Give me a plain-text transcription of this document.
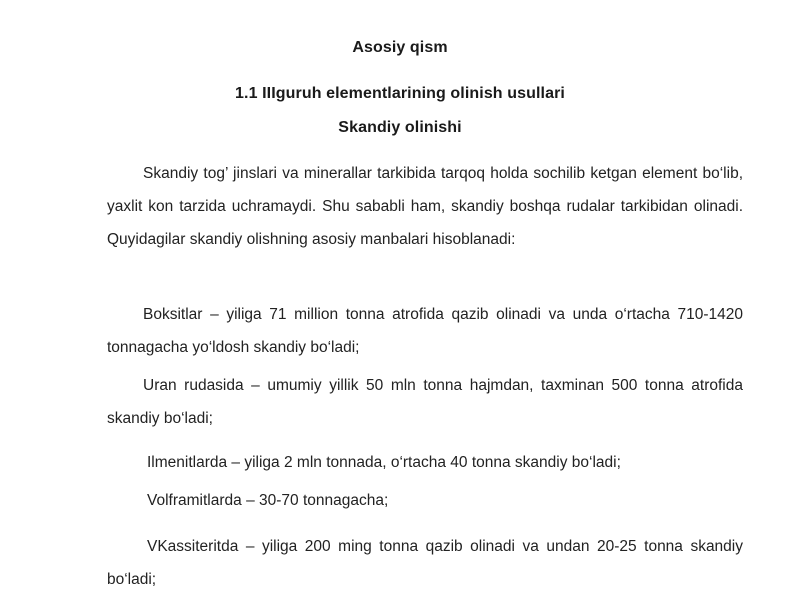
Asosiy qism
1.1 IIIguruh elementlarining olinish usullari
Skandiy olinishi

Skandiy tog’ jinslari va minerallar tarkibida tarqoq holda sochilib ketgan element bo‘lib, yaxlit kon tarzida uchramaydi. Shu sababli ham, skandiy boshqa rudalar tarkibidan olinadi. Quyidagilar skandiy olishning asosiy manbalari hisoblanadi:

Boksitlar – yiliga 71 million tonna atrofida qazib olinadi va unda o‘rtacha 710-1420 tonnagacha yo‘ldosh skandiy bo‘ladi;

Uran rudasida – umumiy yillik 50 mln tonna hajmdan, taxminan 500 tonna atrofida skandiy bo‘ladi;

Ilmenitlarda – yiliga 2 mln tonnada, o‘rtacha 40 tonna skandiy bo‘ladi;

Volframitlarda – 30-70 tonnagacha;

VKassiteritda – yiliga 200 ming tonna qazib olinadi va undan 20-25 tonna skandiy bo‘ladi;
